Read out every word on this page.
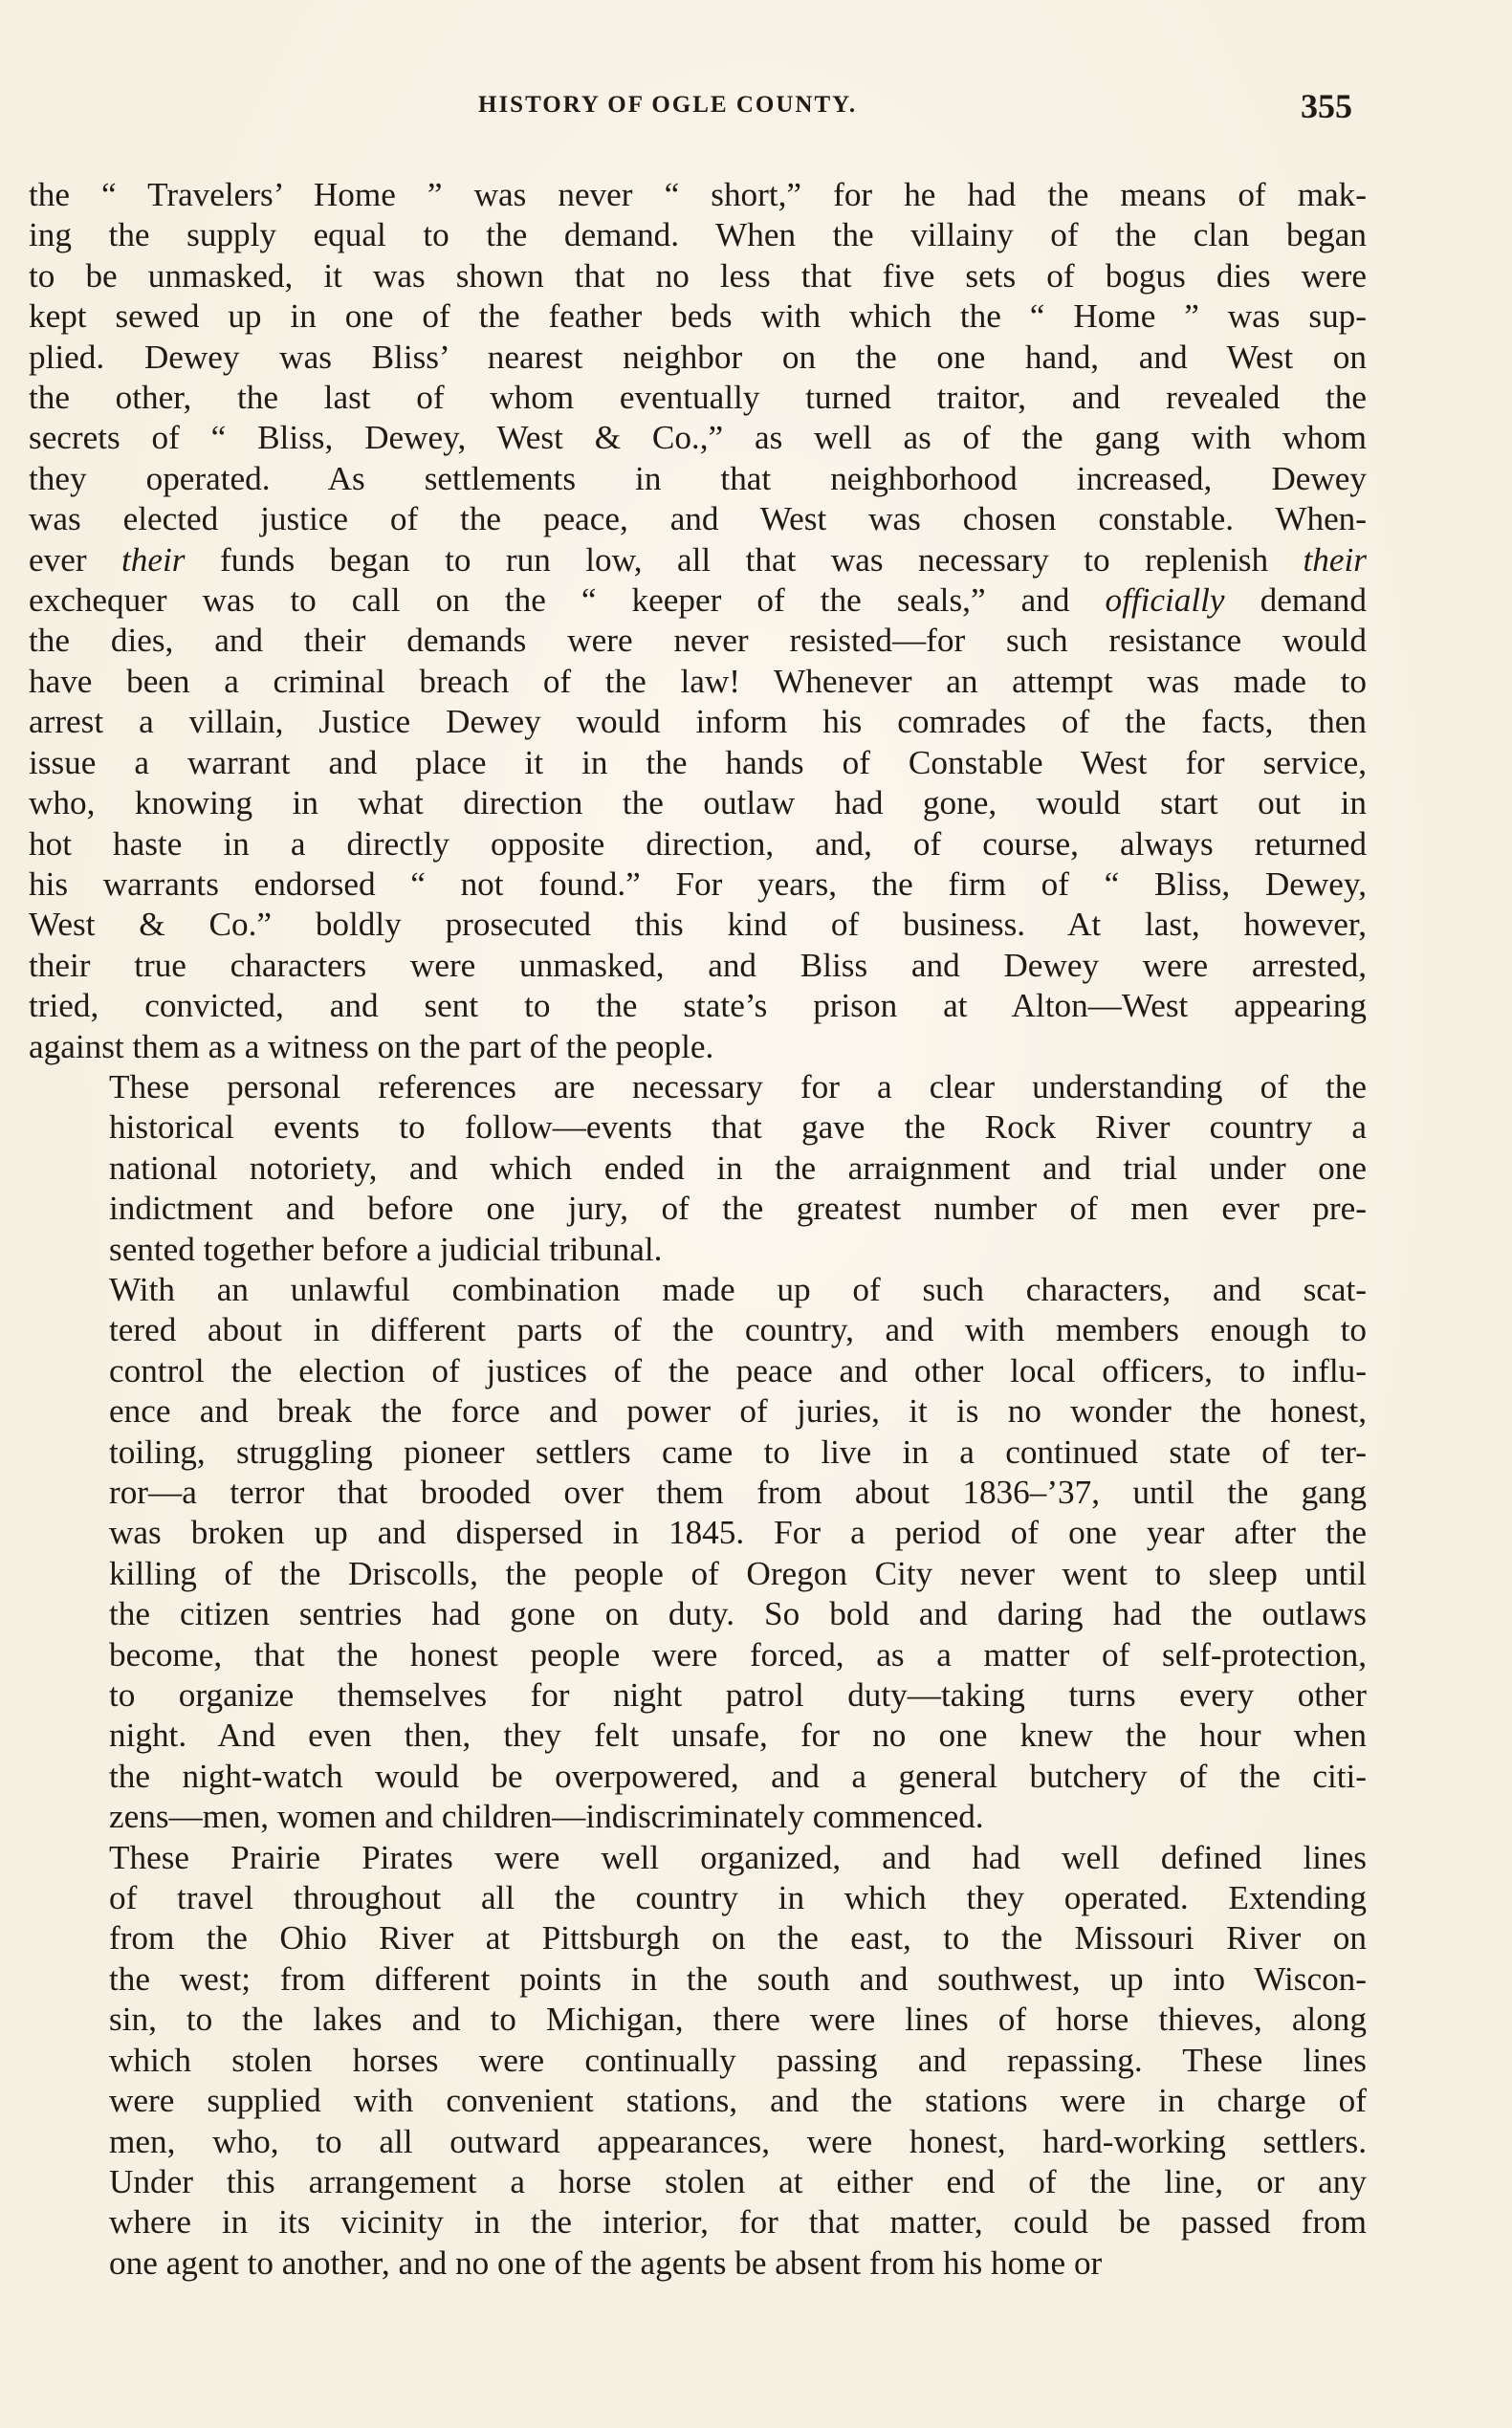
HISTORY OF OGLE COUNTY.	355

the “ Travelers’ Home ” was never “ short,” for he had the means of mak-
ing the supply equal to the demand. When the villainy of the clan began
to be unmasked, it was shown that no less that five sets of bogus dies were
kept sewed up in one of the feather beds with which the “ Home ” was sup-
plied. Dewey was Bliss’ nearest neighbor on the one hand, and West on
the other, the last of whom eventually turned traitor, and revealed the
secrets of “ Bliss, Dewey, West & Co.,” as well as of the gang with whom
they operated. As settlements in that neighborhood increased, Dewey
was elected justice of the peace, and West was chosen constable. When-
ever their funds began to run low, all that was necessary to replenish their
exchequer was to call on the “ keeper of the seals,” and officially demand
the dies, and their demands were never resisted—for such resistance would
have been a criminal breach of the law! Whenever an attempt was made to
arrest a villain, Justice Dewey would inform his comrades of the facts, then
issue a warrant and place it in the hands of Constable West for service,
who, knowing in what direction the outlaw had gone, would start out in
hot haste in a directly opposite direction, and, of course, always returned
his warrants endorsed “ not found.” For years, the firm of “ Bliss, Dewey,
West & Co.” boldly prosecuted this kind of business. At last, however,
their true characters were unmasked, and Bliss and Dewey were arrested,
tried, convicted, and sent to the state’s prison at Alton—West appearing
against them as a witness on the part of the people.

These personal references are necessary for a clear understanding of the
historical events to follow—events that gave the Rock River country a
national notoriety, and which ended in the arraignment and trial under one
indictment and before one jury, of the greatest number of men ever pre-
sented together before a judicial tribunal.

With an unlawful combination made up of such characters, and scat-
tered about in different parts of the country, and with members enough to
control the election of justices of the peace and other local officers, to influ-
ence and break the force and power of juries, it is no wonder the honest,
toiling, struggling pioneer settlers came to live in a continued state of ter-
ror—a terror that brooded over them from about 1836–’37, until the gang
was broken up and dispersed in 1845. For a period of one year after the
killing of the Driscolls, the people of Oregon City never went to sleep until
the citizen sentries had gone on duty. So bold and daring had the outlaws
become, that the honest people were forced, as a matter of self-protection,
to organize themselves for night patrol duty—taking turns every other
night. And even then, they felt unsafe, for no one knew the hour when
the night-watch would be overpowered, and a general butchery of the citi-
zens—men, women and children—indiscriminately commenced.

These Prairie Pirates were well organized, and had well defined lines
of travel throughout all the country in which they operated. Extending
from the Ohio River at Pittsburgh on the east, to the Missouri River on
the west; from different points in the south and southwest, up into Wiscon-
sin, to the lakes and to Michigan, there were lines of horse thieves, along
which stolen horses were continually passing and repassing. These lines
were supplied with convenient stations, and the stations were in charge of
men, who, to all outward appearances, were honest, hard-working settlers.
Under this arrangement a horse stolen at either end of the line, or any
where in its vicinity in the interior, for that matter, could be passed from
one agent to another, and no one of the agents be absent from his home or
